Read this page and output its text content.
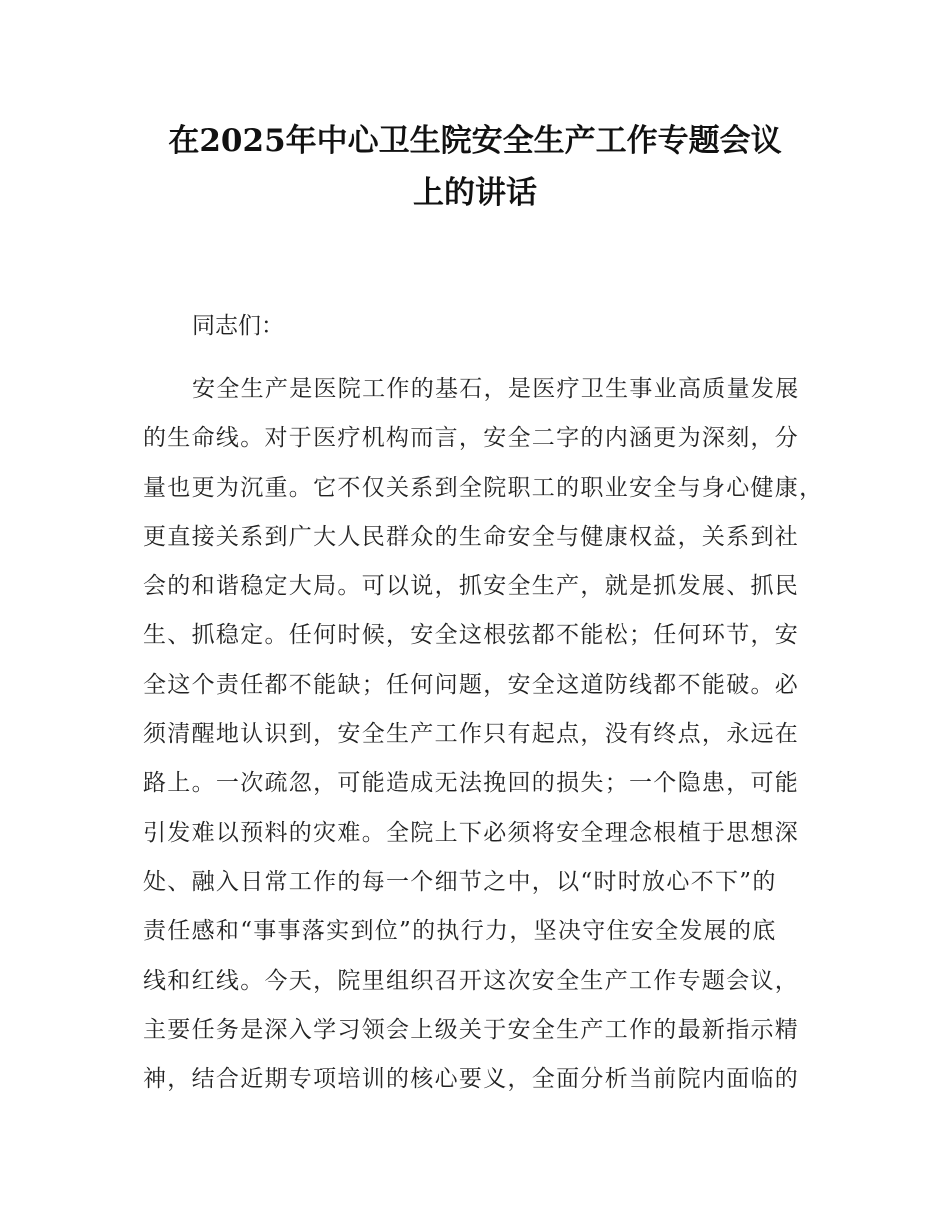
在2025年中心卫生院安全生产工作专题会议
上的讲话

同志们：

安全生产是医院工作的基石，是医疗卫生事业高质量发展
的生命线。对于医疗机构而言，安全二字的内涵更为深刻，分
量也更为沉重。它不仅关系到全院职工的职业安全与身心健康，
更直接关系到广大人民群众的生命安全与健康权益，关系到社
会的和谐稳定大局。可以说，抓安全生产，就是抓发展、抓民
生、抓稳定。任何时候，安全这根弦都不能松；任何环节，安
全这个责任都不能缺；任何问题，安全这道防线都不能破。必
须清醒地认识到，安全生产工作只有起点，没有终点，永远在
路上。一次疏忽，可能造成无法挽回的损失；一个隐患，可能
引发难以预料的灾难。全院上下必须将安全理念根植于思想深
处、融入日常工作的每一个细节之中，以“时时放心不下”的
责任感和“事事落实到位”的执行力，坚决守住安全发展的底
线和红线。今天，院里组织召开这次安全生产工作专题会议，
主要任务是深入学习领会上级关于安全生产工作的最新指示精
神，结合近期专项培训的核心要义，全面分析当前院内面临的
